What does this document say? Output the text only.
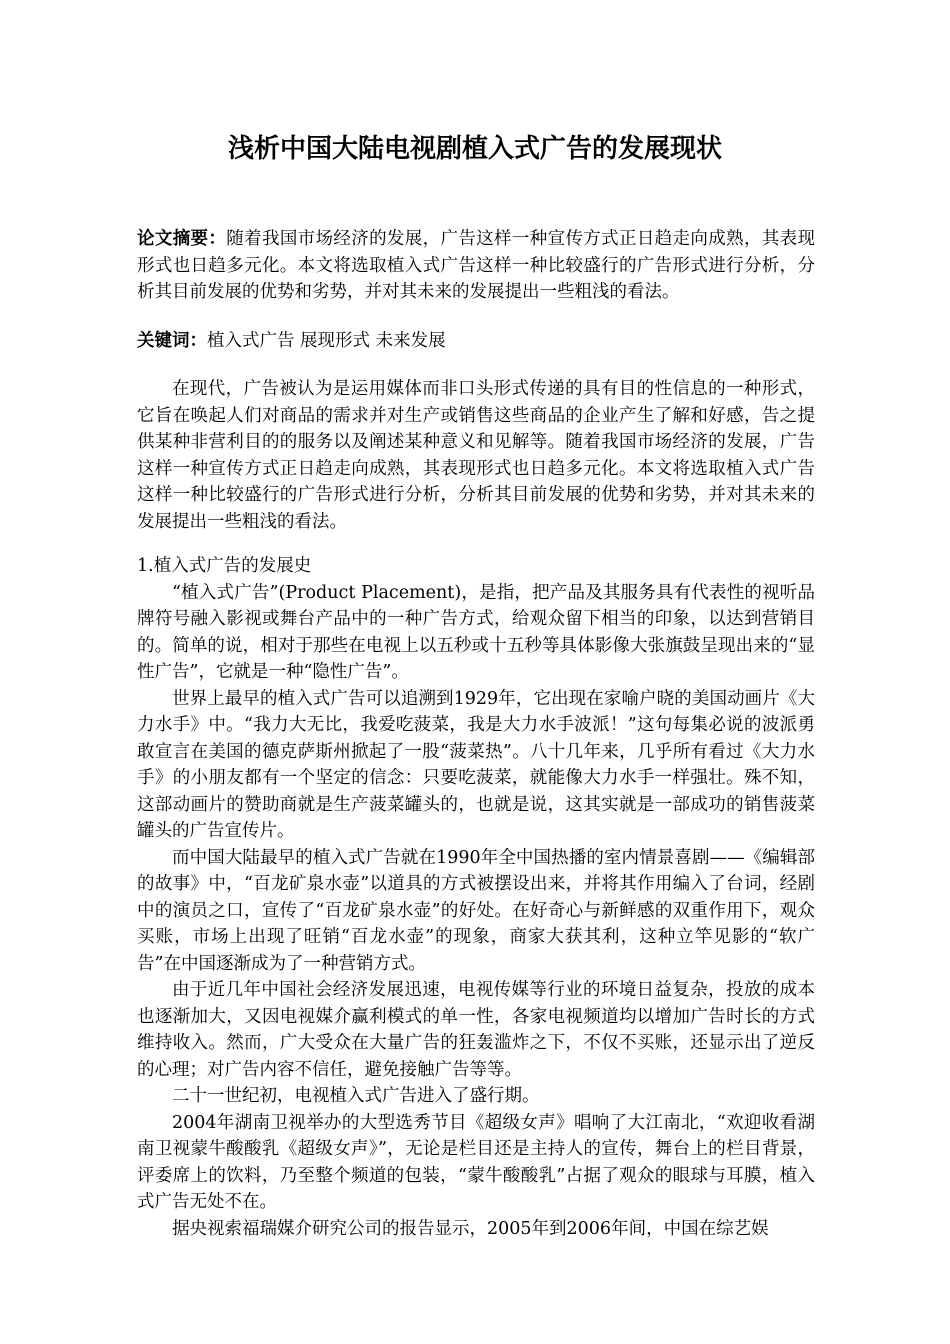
浅析中国大陆电视剧植入式广告的发展现状

论文摘要：随着我国市场经济的发展，广告这样一种宣传方式正日趋走向成熟，其表现形式也日趋多元化。本文将选取植入式广告这样一种比较盛行的广告形式进行分析，分析其目前发展的优势和劣势，并对其未来的发展提出一些粗浅的看法。

关键词：植入式广告 展现形式 未来发展

在现代，广告被认为是运用媒体而非口头形式传递的具有目的性信息的一种形式，它旨在唤起人们对商品的需求并对生产或销售这些商品的企业产生了解和好感，告之提供某种非营利目的的服务以及阐述某种意义和见解等。随着我国市场经济的发展，广告这样一种宣传方式正日趋走向成熟，其表现形式也日趋多元化。本文将选取植入式广告这样一种比较盛行的广告形式进行分析，分析其目前发展的优势和劣势，并对其未来的发展提出一些粗浅的看法。

1.植入式广告的发展史

“植入式广告”(Product Placement)，是指，把产品及其服务具有代表性的视听品牌符号融入影视或舞台产品中的一种广告方式，给观众留下相当的印象，以达到营销目的。简单的说，相对于那些在电视上以五秒或十五秒等具体影像大张旗鼓呈现出来的“显性广告”，它就是一种“隐性广告”。

世界上最早的植入式广告可以追溯到1929年，它出现在家喻户晓的美国动画片《大力水手》中。“我力大无比，我爱吃菠菜，我是大力水手波派！”这句每集必说的波派勇敢宣言在美国的德克萨斯州掀起了一股“菠菜热”。八十几年来，几乎所有看过《大力水手》的小朋友都有一个坚定的信念：只要吃菠菜，就能像大力水手一样强壮。殊不知，这部动画片的赞助商就是生产菠菜罐头的，也就是说，这其实就是一部成功的销售菠菜罐头的广告宣传片。

而中国大陆最早的植入式广告就在1990年全中国热播的室内情景喜剧——《编辑部的故事》中，“百龙矿泉水壶”以道具的方式被摆设出来，并将其作用编入了台词，经剧中的演员之口，宣传了“百龙矿泉水壶”的好处。在好奇心与新鲜感的双重作用下，观众买账，市场上出现了旺销“百龙水壶”的现象，商家大获其利，这种立竿见影的“软广告”在中国逐渐成为了一种营销方式。

由于近几年中国社会经济发展迅速，电视传媒等行业的环境日益复杂，投放的成本也逐渐加大，又因电视媒介赢利模式的单一性，各家电视频道均以增加广告时长的方式维持收入。然而，广大受众在大量广告的狂轰滥炸之下，不仅不买账，还显示出了逆反的心理；对广告内容不信任，避免接触广告等等。

二十一世纪初，电视植入式广告进入了盛行期。

2004年湖南卫视举办的大型选秀节目《超级女声》唱响了大江南北，“欢迎收看湖南卫视蒙牛酸酸乳《超级女声》”，无论是栏目还是主持人的宣传，舞台上的栏目背景，评委席上的饮料，乃至整个频道的包装，“蒙牛酸酸乳”占据了观众的眼球与耳膜，植入式广告无处不在。

据央视索福瑞媒介研究公司的报告显示，2005年到2006年间，中国在综艺娱
